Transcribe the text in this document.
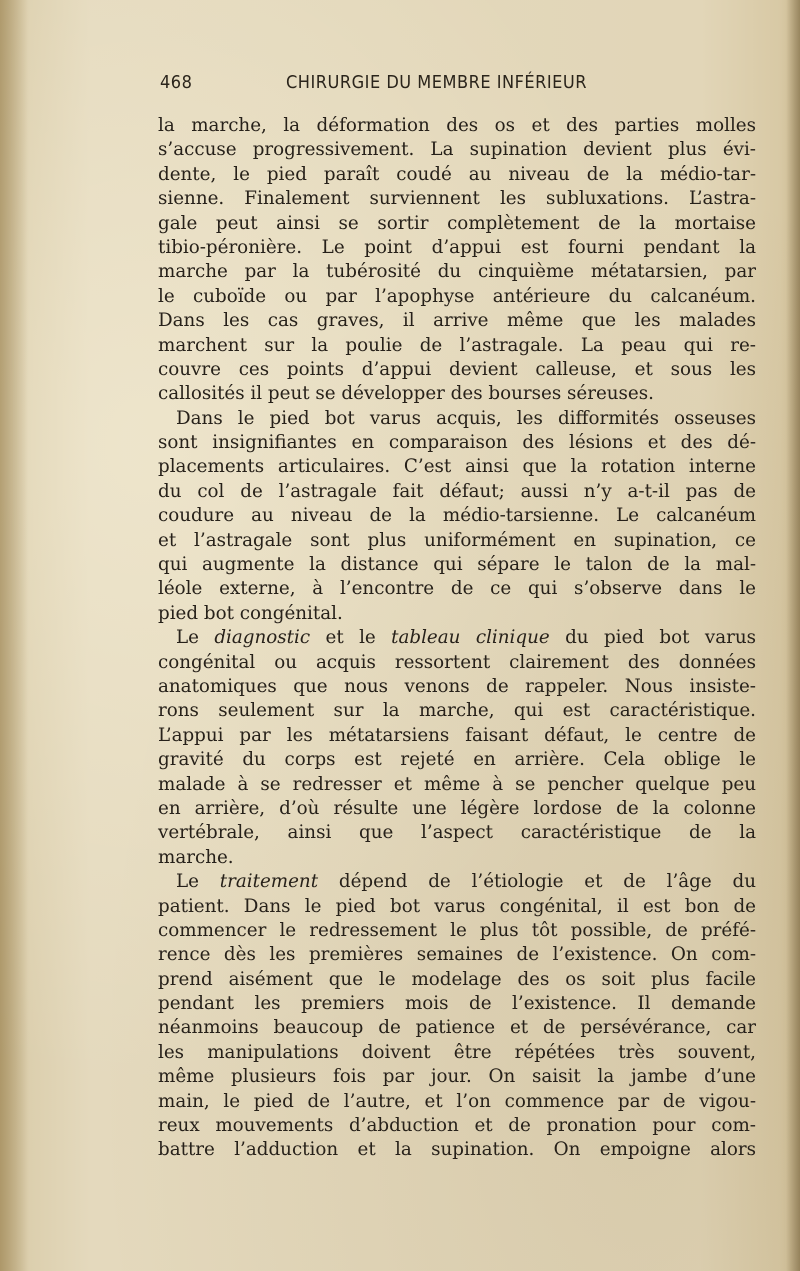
468	CHIRURGIE DU MEMBRE INFÉRIEUR
la marche, la déformation des os et des parties molles
s’accuse progressivement. La supination devient plus évi-
dente, le pied paraît coudé au niveau de la médio-tar-
sienne. Finalement surviennent les subluxations. L’astra-
gale peut ainsi se sortir complètement de la mortaise
tibio-péronière. Le point d’appui est fourni pendant la
marche par la tubérosité du cinquième métatarsien, par
le cuboïde ou par l’apophyse antérieure du calcanéum.
Dans les cas graves, il arrive même que les malades
marchent sur la poulie de l’astragale. La peau qui re-
couvre ces points d’appui devient calleuse, et sous les
callosités il peut se développer des bourses séreuses.
Dans le pied bot varus acquis, les difformités osseuses
sont insignifiantes en comparaison des lésions et des dé-
placements articulaires. C’est ainsi que la rotation interne
du col de l’astragale fait défaut; aussi n’y a-t-il pas de
coudure au niveau de la médio-tarsienne. Le calcanéum
et l’astragale sont plus uniformément en supination, ce
qui augmente la distance qui sépare le talon de la mal-
léole externe, à l’encontre de ce qui s’observe dans le
pied bot congénital.
Le diagnostic et le tableau clinique du pied bot varus
congénital ou acquis ressortent clairement des données
anatomiques que nous venons de rappeler. Nous insiste-
rons seulement sur la marche, qui est caractéristique.
L’appui par les métatarsiens faisant défaut, le centre de
gravité du corps est rejeté en arrière. Cela oblige le
malade à se redresser et même à se pencher quelque peu
en arrière, d’où résulte une légère lordose de la colonne
vertébrale, ainsi que l’aspect caractéristique de la
marche.
Le traitement dépend de l’étiologie et de l’âge du
patient. Dans le pied bot varus congénital, il est bon de
commencer le redressement le plus tôt possible, de préfé-
rence dès les premières semaines de l’existence. On com-
prend aisément que le modelage des os soit plus facile
pendant les premiers mois de l’existence. Il demande
néanmoins beaucoup de patience et de persévérance, car
les manipulations doivent être répétées très souvent,
même plusieurs fois par jour. On saisit la jambe d’une
main, le pied de l’autre, et l’on commence par de vigou-
reux mouvements d’abduction et de pronation pour com-
battre l’adduction et la supination. On empoigne alors
